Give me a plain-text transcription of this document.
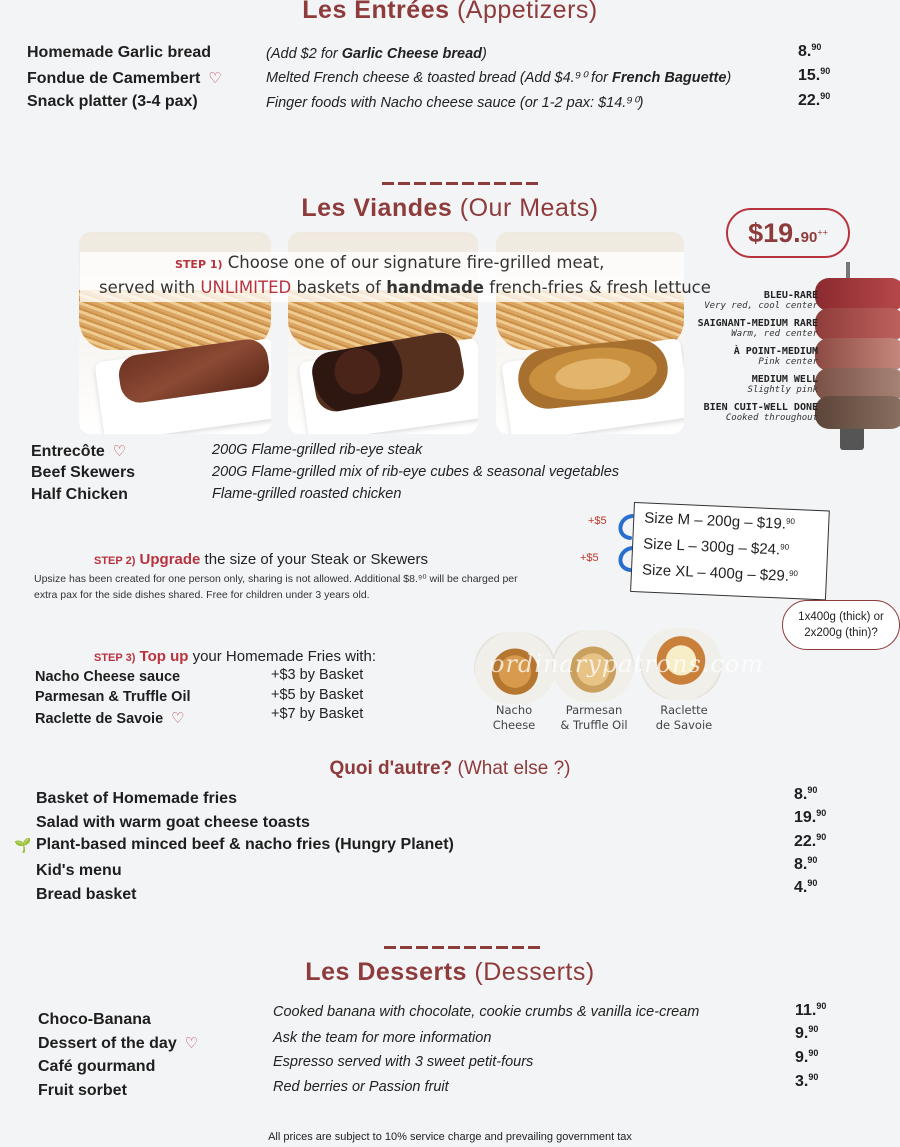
Les Entrées (Appetizers)
Homemade Garlic bread	(Add $2 for Garlic Cheese bread)	8.90
Fondue de Camembert ♡	Melted French cheese & toasted bread (Add $4.⁹⁰ for French Baguette)	15.90
Snack platter (3-4 pax)	Finger foods with Nacho cheese sauce (or 1-2 pax: $14.⁹⁰)	22.90
Les Viandes (Our Meats)
$19.90++
STEP 1) Choose one of our signature fire-grilled meat,
served with UNLIMITED baskets of handmade french-fries & fresh lettuce	BLEU-RARE
Very red, cool center
SAIGNANT-MEDIUM RARE
Warm, red center
À POINT-MEDIUM
Pink center
MEDIUM WELL
Slightly pink
BIEN CUIT-WELL DONE
Cooked throughout
Entrecôte ♡	200G Flame-grilled rib-eye steak
Beef Skewers	200G Flame-grilled mix of rib-eye cubes & seasonal vegetables
Half Chicken	Flame-grilled roasted chicken
STEP 2) Upgrade the size of your Steak or Skewers
Upsize has been created for one person only, sharing is not allowed. Additional $8.⁹⁰ will be charged per extra pax for the side dishes shared. Free for children under 3 years old.
+$5
+$5
Size M – 200g – $19.90
Size L – 300g – $24.90
Size XL – 400g – $29.90
1x400g (thick) or
2x200g (thin)?
STEP 3) Top up your Homemade Fries with:
Nacho Cheese sauce	+$3 by Basket
Parmesan & Truffle Oil	+$5 by Basket
Raclette de Savoie ♡	+$7 by Basket
ordinarypatrons.com
Nacho
Cheese
Parmesan
& Truffle Oil
Raclette
de Savoie
Quoi d'autre? (What else ?)
Basket of Homemade fries	8.90
Salad with warm goat cheese toasts	19.90
🌱 Plant-based minced beef & nacho fries (Hungry Planet)	22.90
Kid's menu	8.90
Bread basket	4.90
Les Desserts (Desserts)
Choco-Banana	Cooked banana with chocolate, cookie crumbs & vanilla ice-cream	11.90
Dessert of the day ♡	Ask the team for more information	9.90
Café gourmand	Espresso served with 3 sweet petit-fours	9.90
Fruit sorbet	Red berries or Passion fruit	3.90
All prices are subject to 10% service charge and prevailing government tax
